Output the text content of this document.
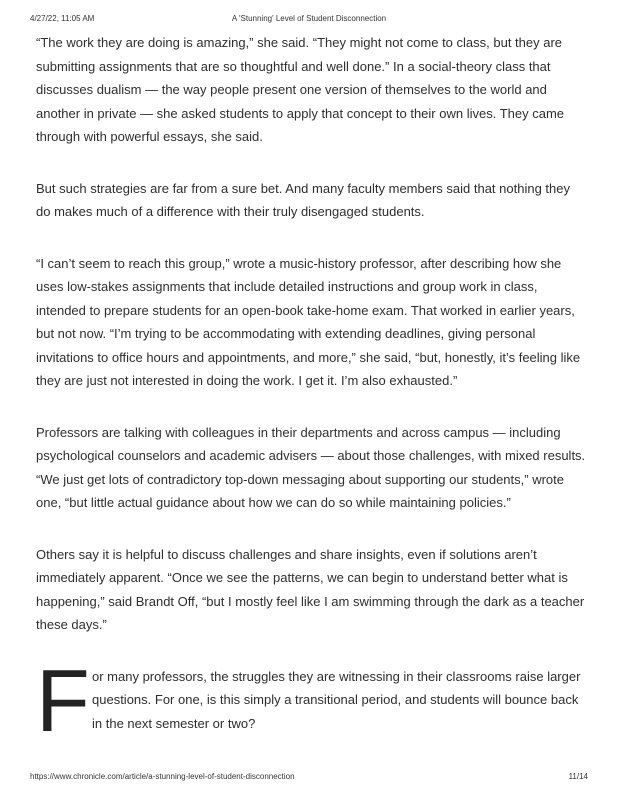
4/27/22, 11:05 AM	A 'Stunning' Level of Student Disconnection

“The work they are doing is amazing,” she said. “They might not come to class, but they are submitting assignments that are so thoughtful and well done.” In a social-theory class that discusses dualism — the way people present one version of themselves to the world and another in private — she asked students to apply that concept to their own lives. They came through with powerful essays, she said.

But such strategies are far from a sure bet. And many faculty members said that nothing they do makes much of a difference with their truly disengaged students.

“I can’t seem to reach this group,” wrote a music-history professor, after describing how she uses low-stakes assignments that include detailed instructions and group work in class, intended to prepare students for an open-book take-home exam. That worked in earlier years, but not now. “I’m trying to be accommodating with extending deadlines, giving personal invitations to office hours and appointments, and more,” she said, “but, honestly, it’s feeling like they are just not interested in doing the work. I get it. I’m also exhausted.”

Professors are talking with colleagues in their departments and across campus — including psychological counselors and academic advisers — about those challenges, with mixed results. “We just get lots of contradictory top-down messaging about supporting our students,” wrote one, “but little actual guidance about how we can do so while maintaining policies.”

Others say it is helpful to discuss challenges and share insights, even if solutions aren’t immediately apparent. “Once we see the patterns, we can begin to understand better what is happening,” said Brandt Off, “but I mostly feel like I am swimming through the dark as a teacher these days.”

F or many professors, the struggles they are witnessing in their classrooms raise larger questions. For one, is this simply a transitional period, and students will bounce back in the next semester or two?

https://www.chronicle.com/article/a-stunning-level-of-student-disconnection	11/14
